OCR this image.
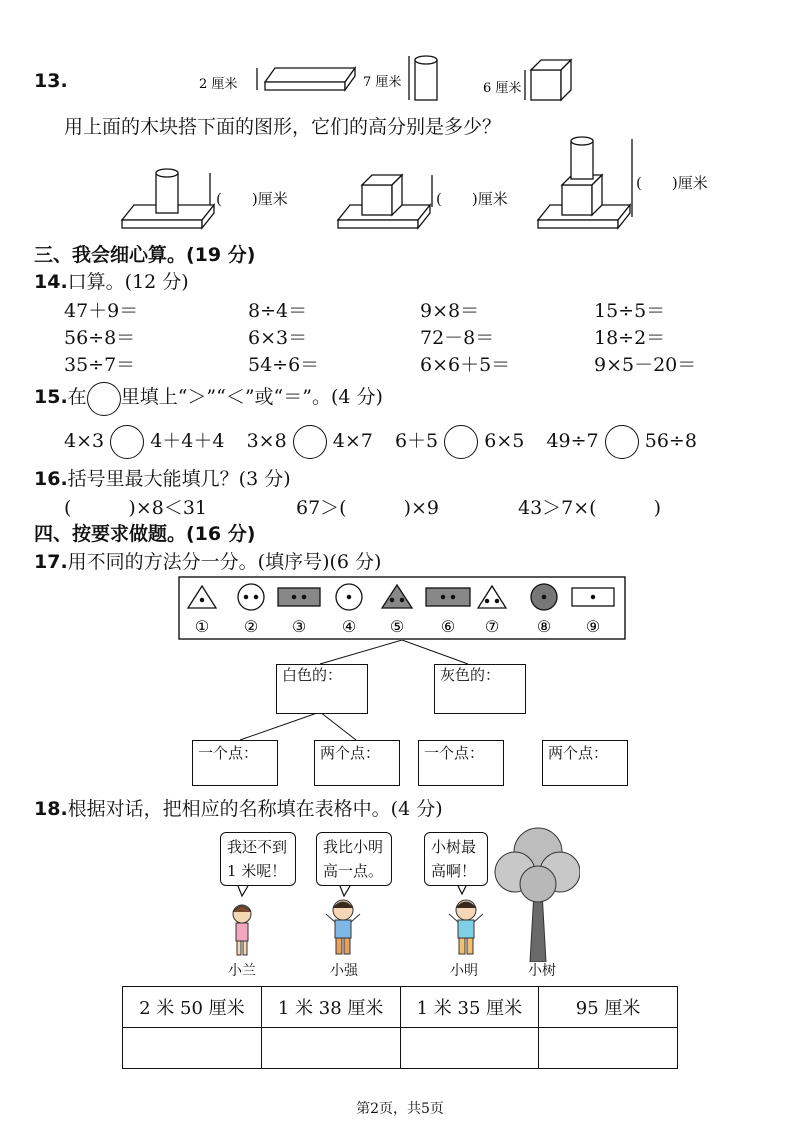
13.	2 厘米	7 厘米	6 厘米
用上面的木块搭下面的图形，它们的高分别是多少？
(　　)厘米	(　　)厘米
(　　)厘米
三、我会细心算。(19 分)
14.口算。(12 分)
47＋9＝	8÷4＝	9×8＝	15÷5＝
56÷8＝	6×3＝	72－8＝	18÷2＝
35÷7＝	54÷6＝	6×6＋5＝	9×5－20＝
15.在 里填上“＞”“＜”或“＝”。(4 分)
4×3 4＋4＋4 3×8 4×7 6＋5 6×5 49÷7 56÷8
16.括号里最大能填几？(3 分)
(　　　)×8＜31	67＞(　　　)×9	43＞7×(　　　)
四、按要求做题。(16 分)
17.用不同的方法分一分。(填序号)(6 分)
① ② ③ ④ ⑤ ⑥ ⑦ ⑧ ⑨
白色的：	灰色的：
一个点：	两个点：	一个点：	两个点：
18.根据对话，把相应的名称填在表格中。(4 分)
我还不到
1 米呢！
我比小明
高一点。
小树最
高啊！
小兰	小强	小明	小树
2 米 50 厘米	1 米 38 厘米	1 米 35 厘米	95 厘米

第2页，共5页
